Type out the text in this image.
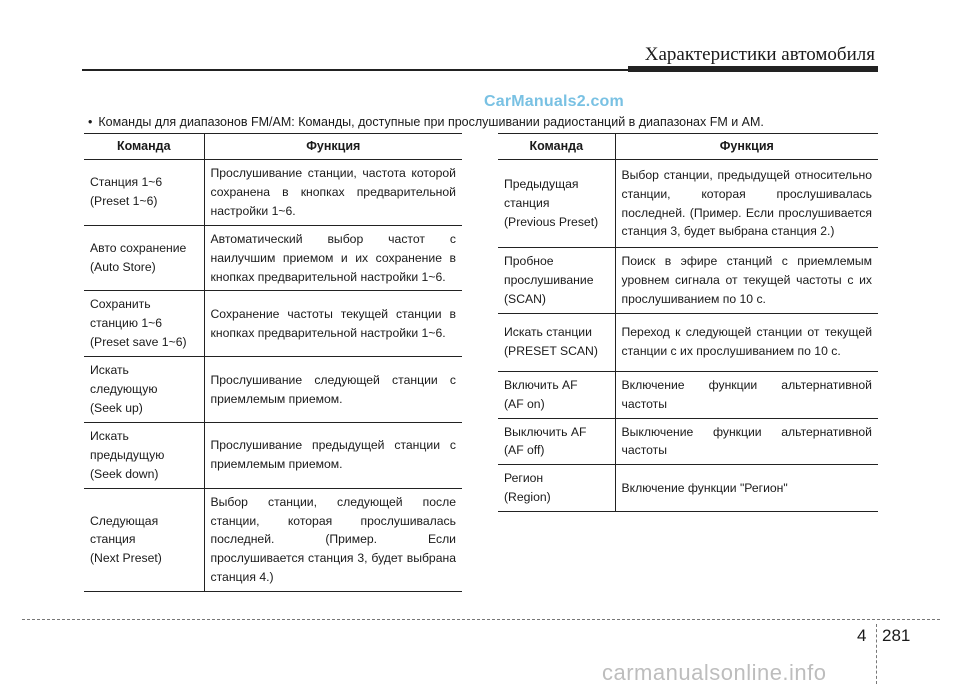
Характеристики автомобиля
CarManuals2.com
• Команды для диапазонов FM/AM: Команды, доступные при прослушивании радиостанций в диапазонах FM и AM.
Команда	Функция

Станция 1~6
(Preset 1~6)	Прослушивание станции, частота которой сохранена в кнопках предварительной настройки 1~6.

Авто сохранение
(Auto Store)	Автоматический выбор частот с наилучшим приемом и их сохранение в кнопках предварительной настройки 1~6.

Сохранить
станцию 1~6
(Preset save 1~6)	Сохранение частоты текущей станции в кнопках предварительной настройки 1~6.

Искать
следующую
(Seek up)	Прослушивание следующей станции с приемлемым приемом.

Искать
предыдущую
(Seek down)	Прослушивание предыдущей станции с приемлемым приемом.

Следующая
станция
(Next Preset)	Выбор станции, следующей после станции, которая прослушивалась последней. (Пример. Если прослушивается станция 3, будет выбрана станция 4.)
Команда	Функция

Предыдущая
станция
(Previous Preset)	Выбор станции, предыдущей относительно станции, которая прослушивалась последней. (Пример. Если прослушивается станция 3, будет выбрана станция 2.)

Пробное
прослушивание
(SCAN)	Поиск в эфире станций с приемлемым уровнем сигнала от текущей частоты с их прослушиванием по 10 с.

Искать станции
(PRESET SCAN)	Переход к следующей станции от текущей станции с их прослушиванием по 10 с.

Включить AF
(AF on)	Включение функции альтернативной частоты

Выключить AF
(AF off)	Выключение функции альтернативной частоты

Регион
(Region)	Включение функции "Регион"
4 281
carmanualsonline.info
